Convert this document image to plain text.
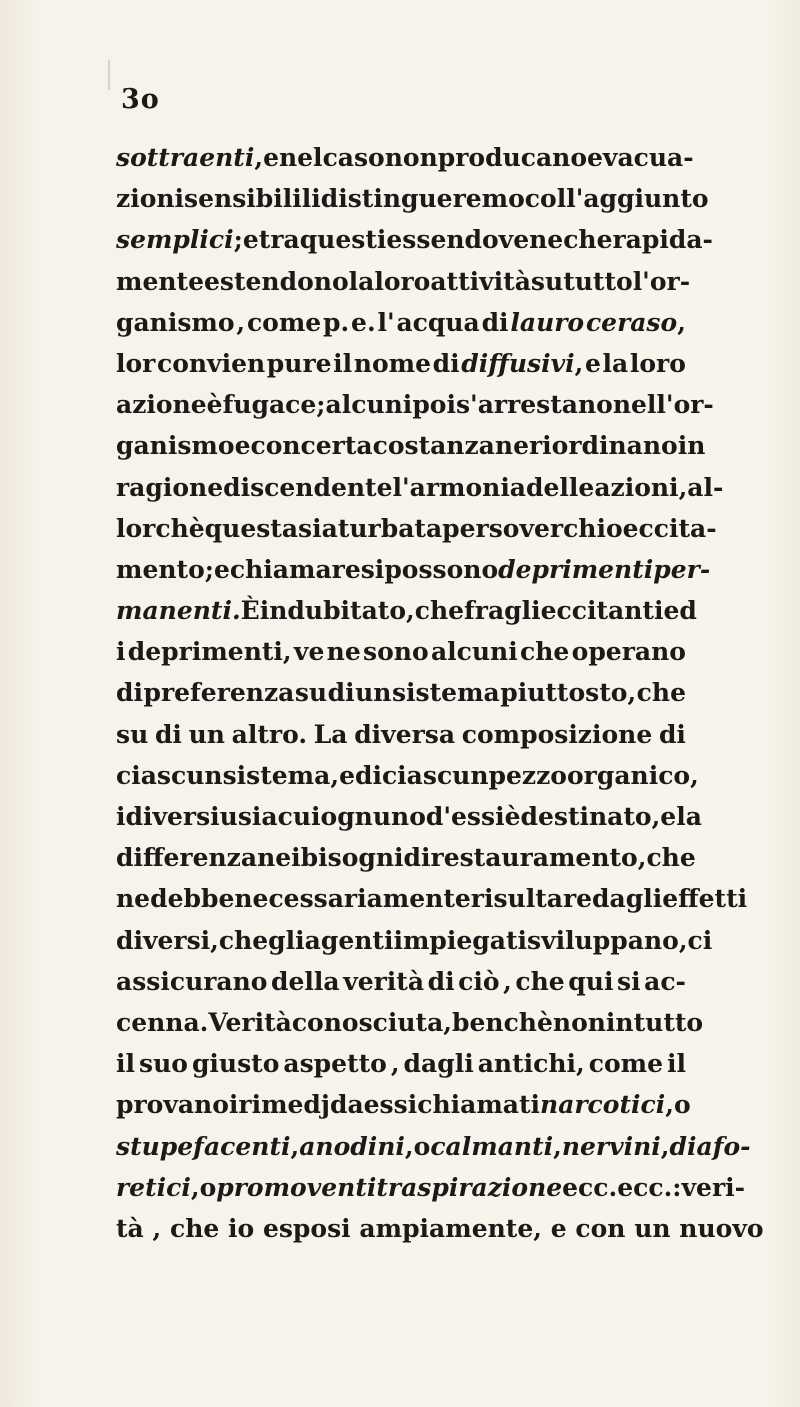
3o
sottraenti, e nel caso non producano evacua-
zioni sensibili li distingueremo coll' aggiunto
semplici; e tra questi essendovene che rapida-
mente estendono la loro attività su tutto l' or-
ganismo , come p. e. l' acqua di lauro ceraso,
lor convien pure il nome di diffusivi, e la loro
azione è fugace; alcuni poi s' arrestano nell' or-
ganismo e con certa costanza ne riordinano in
ragione discendente l' armonia delle azioni , al-
lorchè questa sia turbata per soverchio eccita-
mento; e chiamare si possono deprimenti per-
manenti. È indubitato, che fra gli eccitanti ed
i deprimenti, ve ne sono alcuni che operano
di preferenza su di un sistema piuttosto, che
su di un altro. La diversa composizione di
ciascun sistema , e di ciascun pezzo organico ,
i diversi usi a cui ognuno d' essi è destinato, e la
differenza nei bisogni di restauramento, che
ne debbe necessariamente risultare dagli effetti
diversi, che gli agenti impiegati sviluppano, ci
assicurano della verità di ciò , che qui si ac-
cenna. Verità conosciuta , benchè non in tutto
il suo giusto aspetto , dagli antichi, come il
provano i rimedj da essi chiamati narcotici, o
stupefacenti, anodini, o calmanti, nervini, diafo-
retici, o promoventi traspirazione ecc. ecc.: veri-
tà , che io esposi ampiamente, e con un nuovo
